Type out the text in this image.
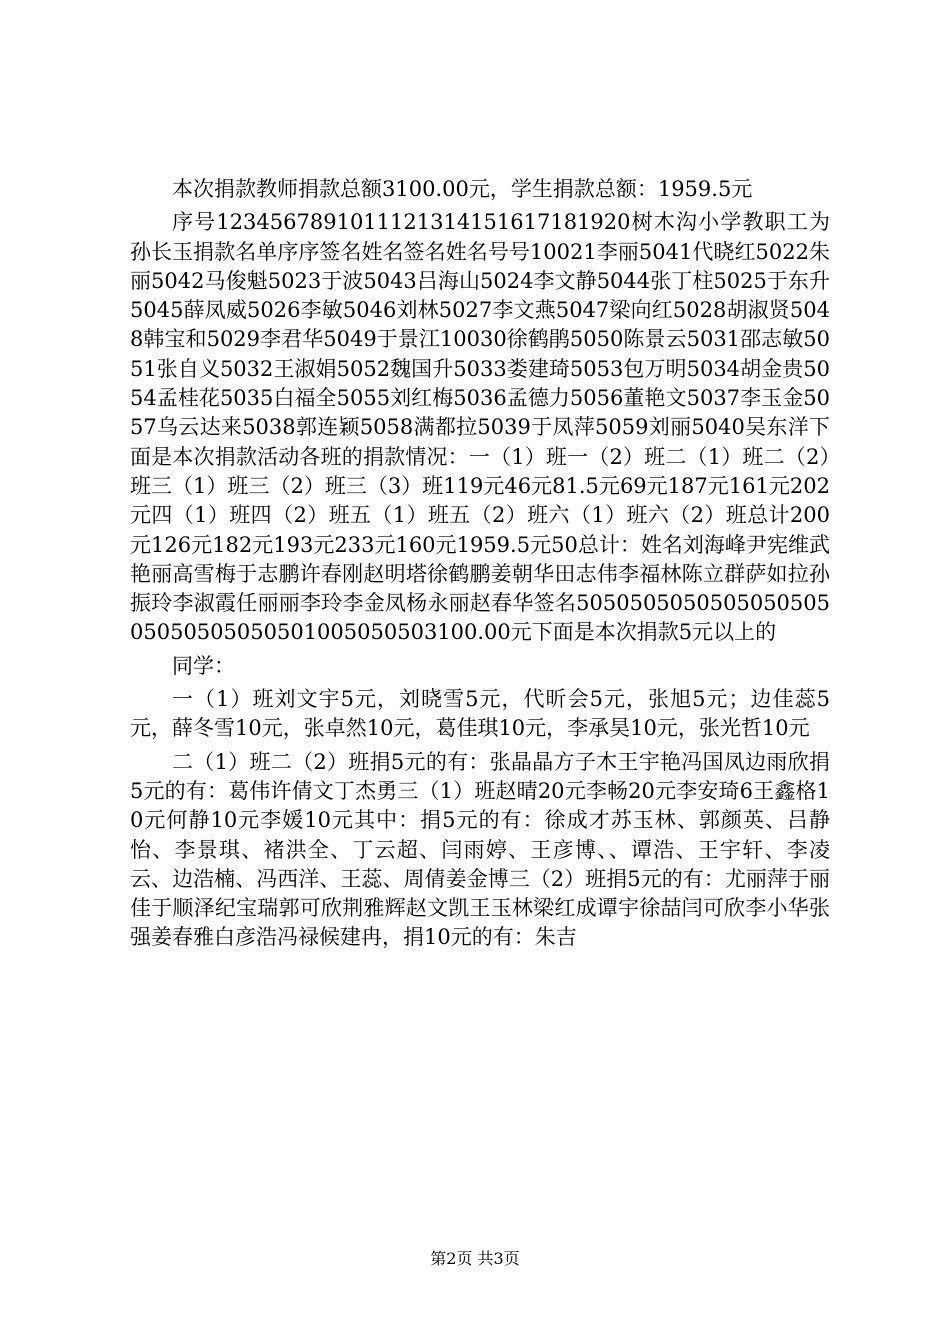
本次捐款教师捐款总额3100.00元，学生捐款总额：1959.5元

序号1234567891011121314151617181920树木沟小学教职工为孙长玉捐款名单序序签名姓名签名姓名号号10021李丽5041代晓红5022朱丽5042马俊魁5023于波5043吕海山5024李文静5044张丁柱5025于东升5045薛凤威5026李敏5046刘林5027李文燕5047梁向红5028胡淑贤5048韩宝和5029李君华5049于景江10030徐鹤鹃5050陈景云5031邵志敏5051张自义5032王淑娟5052魏国升5033娄建琦5053包万明5034胡金贵5054孟桂花5035白福全5055刘红梅5036孟德力5056董艳文5037李玉金5057乌云达来5038郭连颖5058满都拉5039于凤萍5059刘丽5040吴东洋下面是本次捐款活动各班的捐款情况：一（1）班一（2）班二（1）班二（2）班三（1）班三（2）班三（3）班119元46元81.5元69元187元161元202元四（1）班四（2）班五（1）班五（2）班六（1）班六（2）班总计200元126元182元193元233元160元1959.5元50总计：姓名刘海峰尹宪维武艳丽高雪梅于志鹏许春刚赵明塔徐鹤鹏姜朝华田志伟李福林陈立群萨如拉孙振玲李淑霞任丽丽李玲李金凤杨永丽赵春华签名505050505050505050505050505050501005050503100.00元下面是本次捐款5元以上的

同学：

一（1）班刘文宇5元，刘晓雪5元，代昕会5元，张旭5元；边佳蕊5元，薛冬雪10元，张卓然10元，葛佳琪10元，李承昊10元，张光哲10元

二（1）班二（2）班捐5元的有：张晶晶方子木王宇艳冯国凤边雨欣捐5元的有：葛伟许倩文丁杰勇三（1）班赵晴20元李畅20元李安琦6王鑫格10元何静10元李媛10元其中：捐5元的有：徐成才苏玉林、郭颜英、吕静怡、李景琪、褚洪全、丁云超、闫雨婷、王彦博、、谭浩、王宇轩、李凌云、边浩楠、冯西洋、王蕊、周倩姜金博三（2）班捐5元的有：尤丽萍于丽佳于顺泽纪宝瑞郭可欣荆雅辉赵文凯王玉林梁红成谭宇徐喆闫可欣李小华张强姜春雅白彦浩冯禄候建冉，捐10元的有：朱吉

第2页 共3页
